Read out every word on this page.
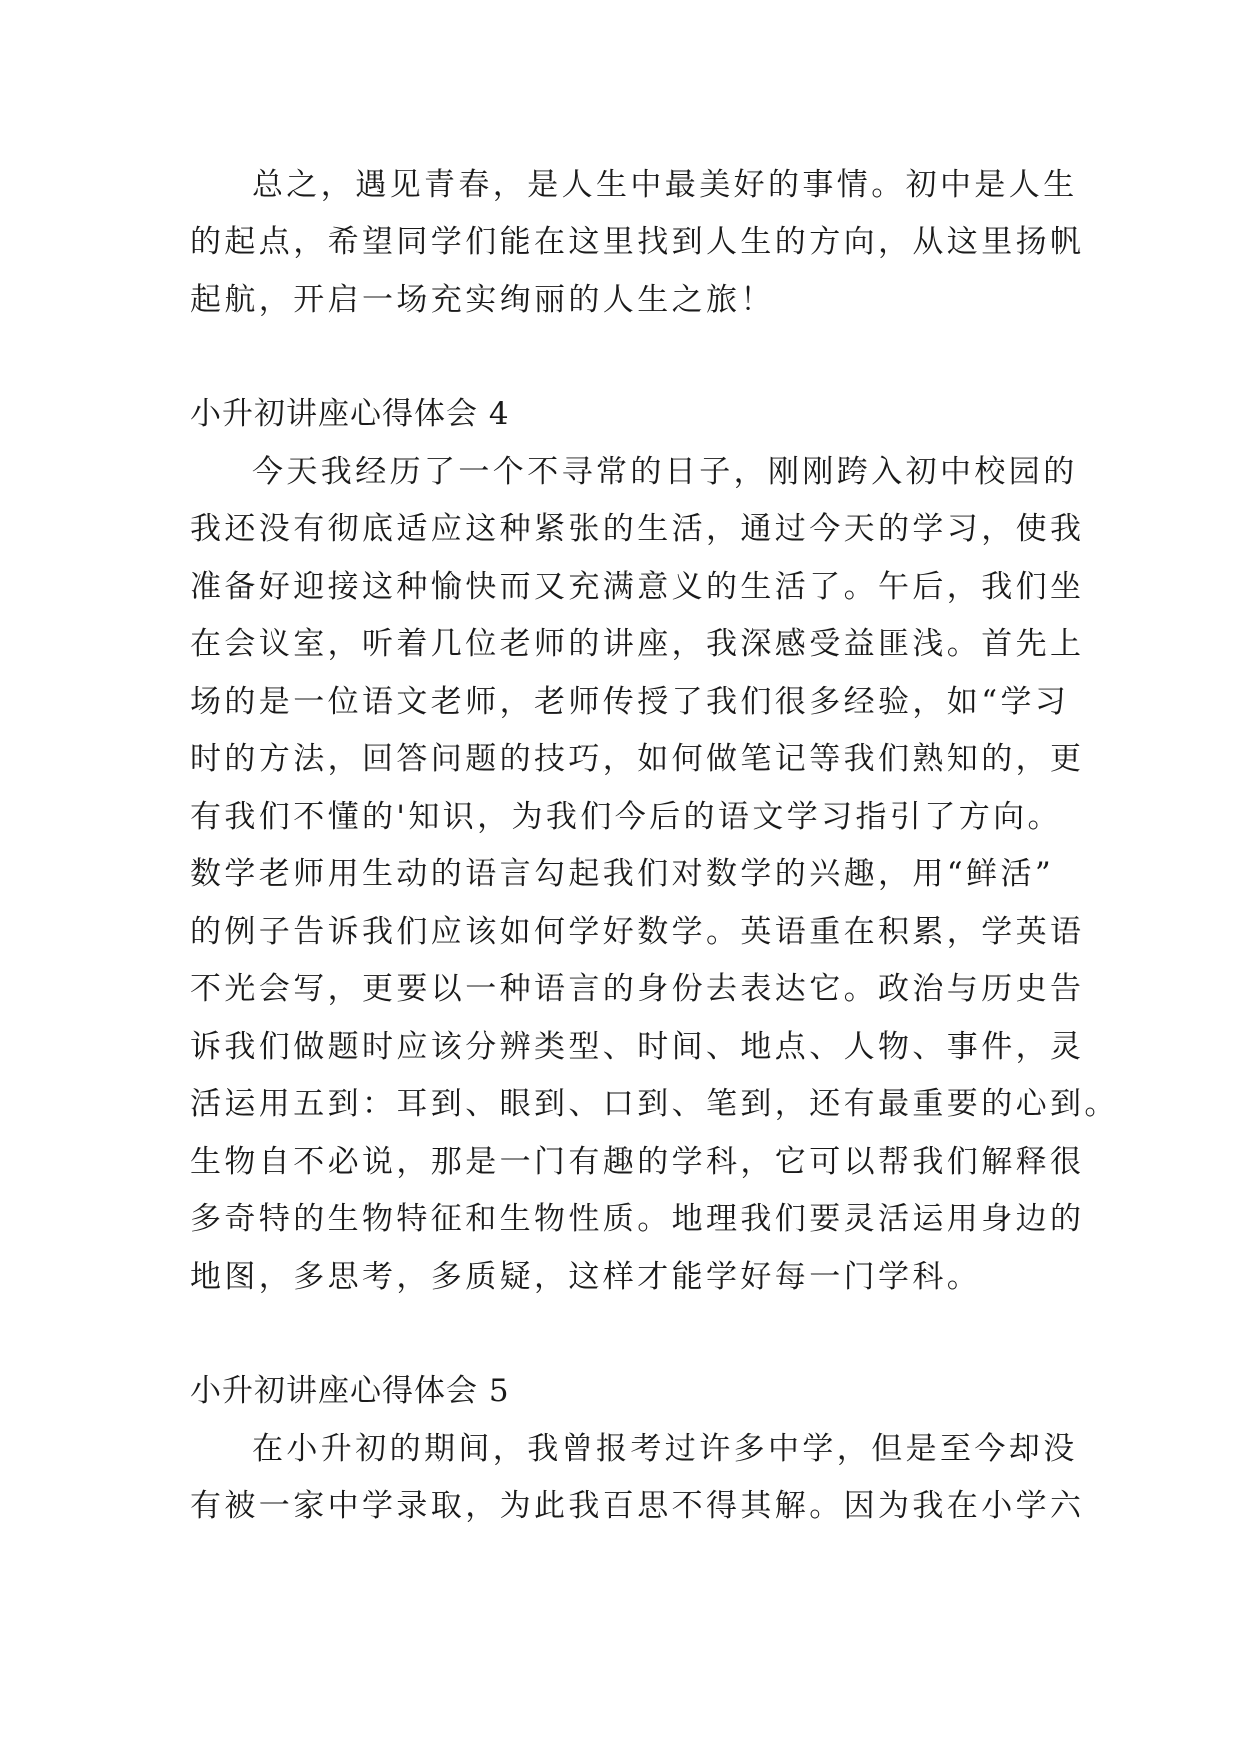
总之，遇见青春，是人生中最美好的事情。初中是人生
的起点，希望同学们能在这里找到人生的方向，从这里扬帆
起航，开启一场充实绚丽的人生之旅！
小升初讲座心得体会 4
今天我经历了一个不寻常的日子，刚刚跨入初中校园的
我还没有彻底适应这种紧张的生活，通过今天的学习，使我
准备好迎接这种愉快而又充满意义的生活了。午后，我们坐
在会议室，听着几位老师的讲座，我深感受益匪浅。首先上
场的是一位语文老师，老师传授了我们很多经验，如“学习
时的方法，回答问题的技巧，如何做笔记等我们熟知的，更
有我们不懂的'知识，为我们今后的语文学习指引了方向。
数学老师用生动的语言勾起我们对数学的兴趣，用“鲜活”
的例子告诉我们应该如何学好数学。英语重在积累，学英语
不光会写，更要以一种语言的身份去表达它。政治与历史告
诉我们做题时应该分辨类型、时间、地点、人物、事件，灵
活运用五到：耳到、眼到、口到、笔到，还有最重要的心到。
生物自不必说，那是一门有趣的学科，它可以帮我们解释很
多奇特的生物特征和生物性质。地理我们要灵活运用身边的
地图，多思考，多质疑，这样才能学好每一门学科。
小升初讲座心得体会 5
在小升初的期间，我曾报考过许多中学，但是至今却没
有被一家中学录取，为此我百思不得其解。因为我在小学六
